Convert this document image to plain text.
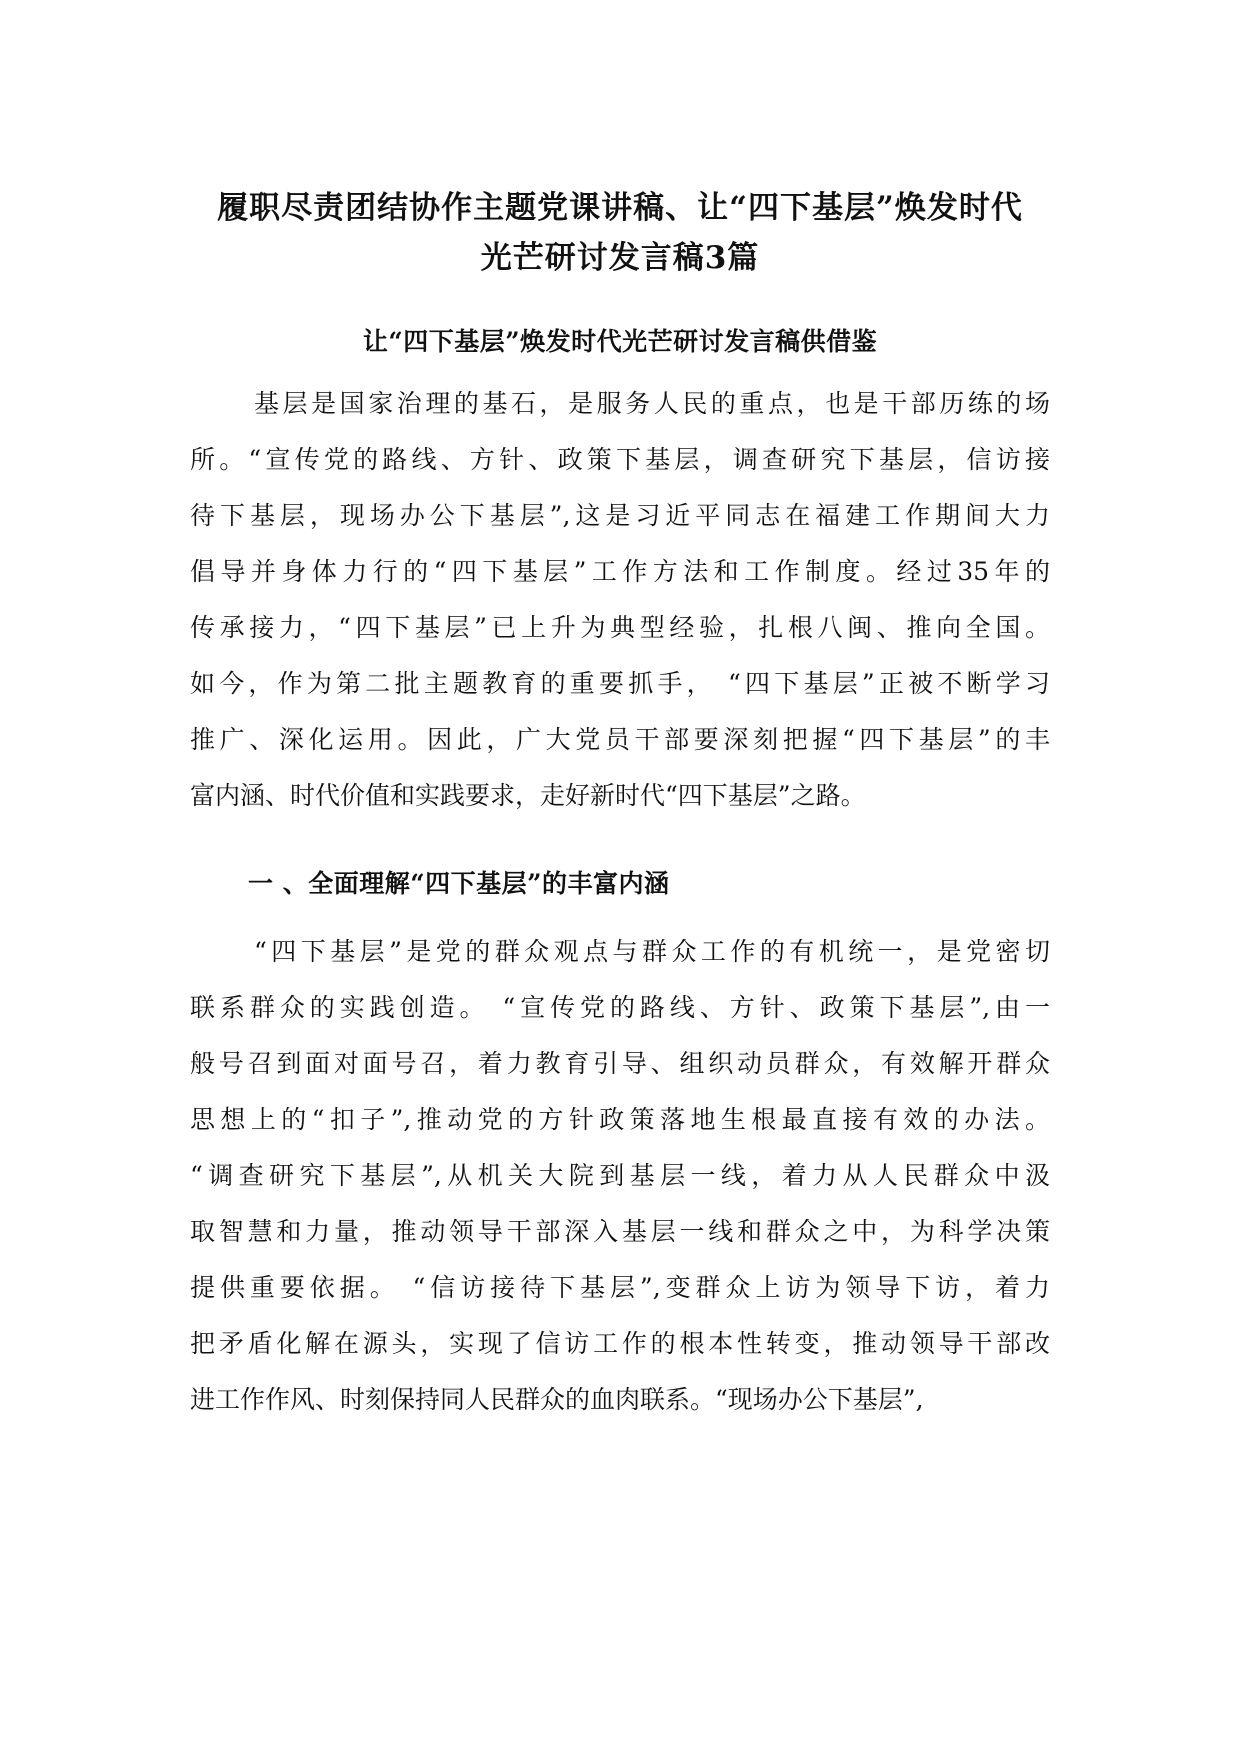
履职尽责团结协作主题党课讲稿、让“四下基层”焕发时代
光芒研讨发言稿3篇
让“四下基层”焕发时代光芒研讨发言稿供借鉴
基层是国家治理的基石，是服务人民的重点，也是干部历练的场
所。“宣传党的路线、方针、政策下基层，调查研究下基层，信访接
待下基层，现场办公下基层”,这是习近平同志在福建工作期间大力
倡导并身体力行的“四下基层”工作方法和工作制度。经过35年的
传承接力，“四下基层”已上升为典型经验，扎根八闽、推向全国。
如今，作为第二批主题教育的重要抓手， “四下基层”正被不断学习
推广、深化运用。因此，广大党员干部要深刻把握“四下基层”的丰
富内涵、时代价值和实践要求，走好新时代“四下基层”之路。
一 、全面理解“四下基层”的丰富内涵
“四下基层”是党的群众观点与群众工作的有机统一，是党密切
联系群众的实践创造。 “宣传党的路线、方针、政策下基层”,由一
般号召到面对面号召，着力教育引导、组织动员群众，有效解开群众
思想上的“扣子”,推动党的方针政策落地生根最直接有效的办法。
“调查研究下基层”,从机关大院到基层一线，着力从人民群众中汲
取智慧和力量，推动领导干部深入基层一线和群众之中，为科学决策
提供重要依据。 “信访接待下基层”,变群众上访为领导下访，着力
把矛盾化解在源头，实现了信访工作的根本性转变，推动领导干部改
进工作作风、时刻保持同人民群众的血肉联系。“现场办公下基层”,
